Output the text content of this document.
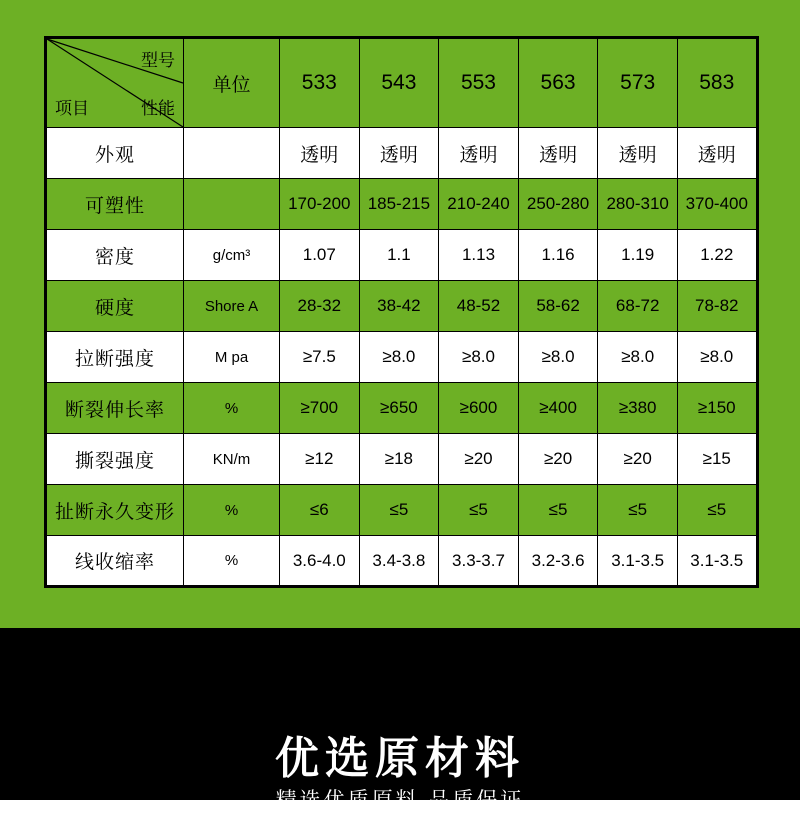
型号
性能
项目	单位	533	543	553	563	573	583
外观		透明	透明	透明	透明	透明	透明
可塑性		170-200	185-215	210-240	250-280	280-310	370-400
密度	g/cm³	1.07	1.1	1.13	1.16	1.19	1.22
硬度	Shore A	28-32	38-42	48-52	58-62	68-72	78-82
拉断强度	M pa	≥7.5	≥8.0	≥8.0	≥8.0	≥8.0	≥8.0
断裂伸长率	%	≥700	≥650	≥600	≥400	≥380	≥150
撕裂强度	KN/m	≥12	≥18	≥20	≥20	≥20	≥15
扯断永久变形	%	≤6	≤5	≤5	≤5	≤5	≤5
线收缩率	%	3.6-4.0	3.4-3.8	3.3-3.7	3.2-3.6	3.1-3.5	3.1-3.5
优选原材料
精选优质原料 品质保证
